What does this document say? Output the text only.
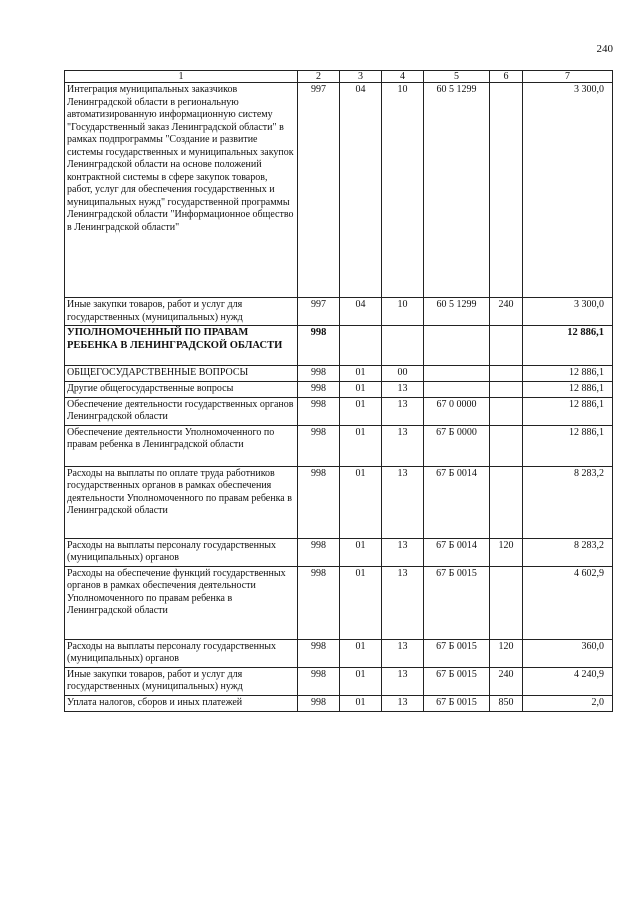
240
1	2	3	4	5	6	7
Интеграция муниципальных заказчиков Ленинградской области в региональную автоматизированную информационную систему "Государственный заказ Ленинградской области" в рамках подпрограммы "Создание и развитие системы государственных и муниципальных закупок Ленинградской области на основе положений контрактной системы в сфере закупок товаров, работ, услуг для обеспечения государственных и муниципальных нужд" государственной программы Ленинградской области "Информационное общество в Ленинградской области"	997	04	10	60 5 1299		3 300,0
Иные закупки товаров, работ и услуг для государственных (муниципальных) нужд	997	04	10	60 5 1299	240	3 300,0
УПОЛНОМОЧЕННЫЙ ПО ПРАВАМ РЕБЕНКА В ЛЕНИНГРАДСКОЙ ОБЛАСТИ	998					12 886,1
ОБЩЕГОСУДАРСТВЕННЫЕ ВОПРОСЫ	998	01	00			12 886,1
Другие общегосударственные вопросы	998	01	13			12 886,1
Обеспечение деятельности государственных органов Ленинградской области	998	01	13	67 0 0000		12 886,1
Обеспечение деятельности Уполномоченного по правам ребенка в Ленинградской области	998	01	13	67 Б 0000		12 886,1
Расходы на выплаты по оплате труда работников государственных органов в рамках обеспечения деятельности Уполномоченного по правам ребенка в Ленинградской области	998	01	13	67 Б 0014		8 283,2
Расходы на выплаты персоналу государственных (муниципальных) органов	998	01	13	67 Б 0014	120	8 283,2
Расходы на обеспечение функций государственных органов в рамках обеспечения деятельности Уполномоченного по правам ребенка в Ленинградской области	998	01	13	67 Б 0015		4 602,9
Расходы на выплаты персоналу государственных (муниципальных) органов	998	01	13	67 Б 0015	120	360,0
Иные закупки товаров, работ и услуг для государственных (муниципальных) нужд	998	01	13	67 Б 0015	240	4 240,9
Уплата налогов, сборов и иных платежей	998	01	13	67 Б 0015	850	2,0
